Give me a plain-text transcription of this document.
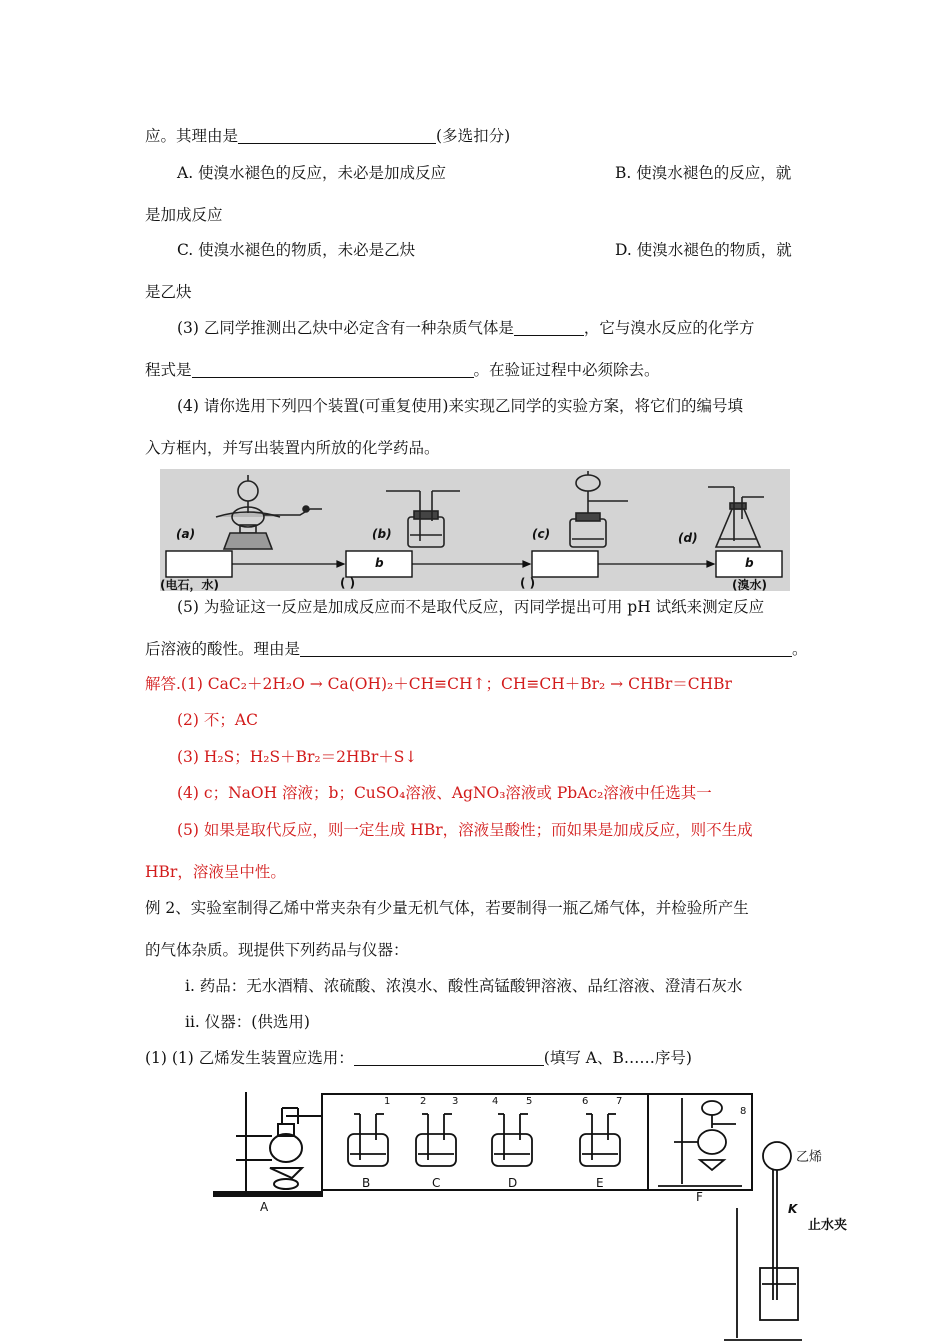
应。其理由是	(多选扣分)
A. 使溴水褪色的反应，未必是加成反应	B. 使溴水褪色的反应，就
是加成反应
C. 使溴水褪色的物质，未必是乙炔	D. 使溴水褪色的物质，就
是乙炔
(3) 乙同学推测出乙炔中必定含有一种杂质气体是	，它与溴水反应的化学方
程式是	。在验证过程中必须除去。
(4) 请你选用下列四个装置(可重复使用)来实现乙同学的实验方案，将它们的编号填
入方框内，并写出装置内所放的化学药品。
(a)	(b)	(c)	(d)
b	b
(电石，水)	( )	( )	(溴水)
(5) 为验证这一反应是加成反应而不是取代反应，丙同学提出可用 pH 试纸来测定反应
后溶液的酸性。理由是	。
解答.(1) CaC₂＋2H₂O → Ca(OH)₂＋CH≡CH↑；CH≡CH＋Br₂ → CHBr＝CHBr
(2) 不；AC
(3) H₂S；H₂S＋Br₂＝2HBr＋S↓
(4) c；NaOH 溶液；b；CuSO₄溶液、AgNO₃溶液或 PbAc₂溶液中任选其一
(5) 如果是取代反应，则一定生成 HBr，溶液呈酸性；而如果是加成反应，则不生成
HBr，溶液呈中性。
例 2、实验室制得乙烯中常夹杂有少量无机气体，若要制得一瓶乙烯气体，并检验所产生
的气体杂质。现提供下列药品与仪器：
ⅰ. 药品：无水酒精、浓硫酸、浓溴水、酸性高锰酸钾溶液、品红溶液、澄清石灰水
ⅱ. 仪器：(供选用)
(1) (1) 乙烯发生装置应选用：	(填写 A、B……序号)
A
B	C	D	E
F
1	2	3	4	5	6	7
8
乙烯
K
止水夹
